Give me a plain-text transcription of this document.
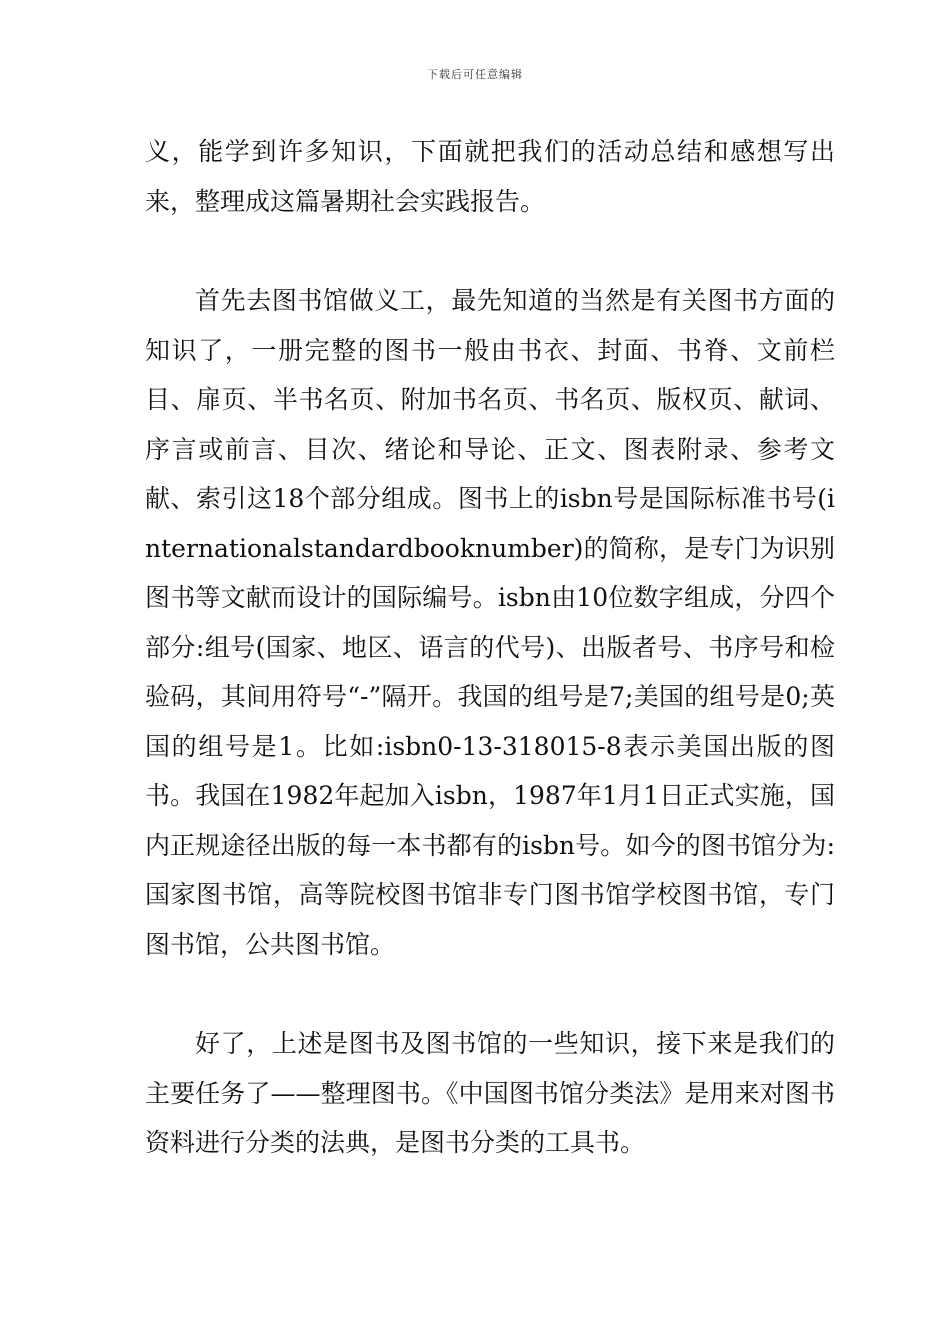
下载后可任意编辑

义，能学到许多知识，下面就把我们的活动总结和感想写出来，整理成这篇暑期社会实践报告。

首先去图书馆做义工，最先知道的当然是有关图书方面的知识了，一册完整的图书一般由书衣、封面、书脊、文前栏目、扉页、半书名页、附加书名页、书名页、版权页、献词、序言或前言、目次、绪论和导论、正文、图表附录、参考文献、索引这18个部分组成。图书上的isbn号是国际标准书号(internationalstandardbooknumber)的简称，是专门为识别图书等文献而设计的国际编号。isbn由10位数字组成，分四个部分:组号(国家、地区、语言的代号)、出版者号、书序号和检验码，其间用符号“-”隔开。我国的组号是7;美国的组号是0;英国的组号是1。比如:isbn0-13-318015-8表示美国出版的图书。我国在1982年起加入isbn，1987年1月1日正式实施，国内正规途径出版的每一本书都有的isbn号。如今的图书馆分为:国家图书馆，高等院校图书馆非专门图书馆学校图书馆，专门图书馆，公共图书馆。

好了，上述是图书及图书馆的一些知识，接下来是我们的主要任务了——整理图书。《中国图书馆分类法》是用来对图书资料进行分类的法典，是图书分类的工具书。
